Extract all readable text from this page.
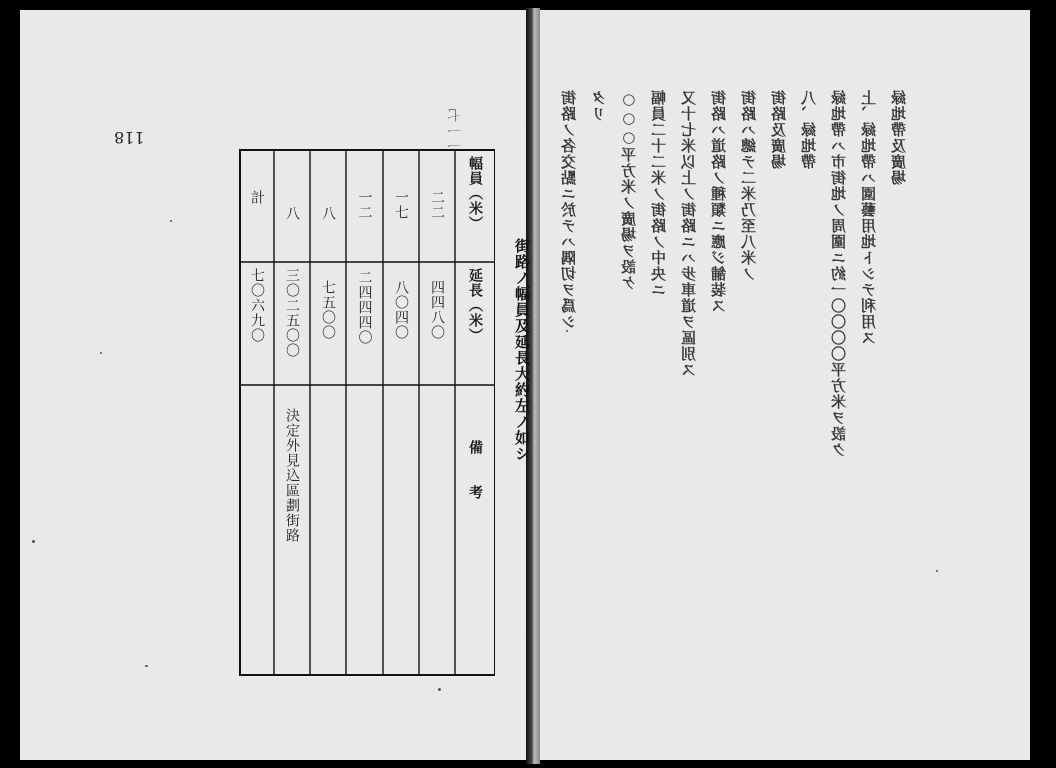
118	一一七
幅員（米）
延長（米）
備　　考
二二
四四八〇
一七
八〇四〇
一二
二四四四〇
八
七五〇〇
八
三〇二五〇〇
決定外見込區劃街路
計
七〇六九〇	街路ノ幅員及延長大約左ノ如シ
街路ノ各交點ニ於テハ隅切ヲ爲シ タリ ○○○平方米ノ廣場ヲ設ケ 幅員二十二米ノ街路ノ中央ニ 又十七米以上ノ街路ニハ步車道ヲ區別ス 街路ハ道路ノ種類ニ應ジ舗装ス 街路ハ總テ二米乃至八米ノ 街路及廣場 八、緑地帶 緑地帶ハ市街地ノ周圍ニ約一〇〇〇〇平方米ヲ設ク 上、緑地帶ハ園藝用地トシテ利用ス 緑地帶及廣場
